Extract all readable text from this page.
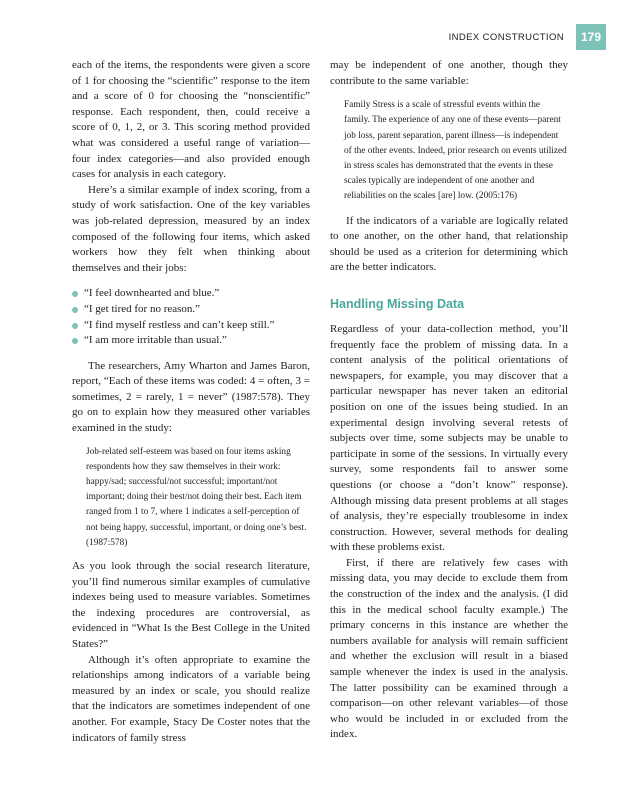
INDEX CONSTRUCTION	179

each of the items, the respondents were given a score of 1 for choosing the “scientific” response to the item and a score of 0 for choosing the “nonscientific” response. Each respondent, then, could receive a score of 0, 1, 2, or 3. This scoring method provided what was considered a useful range of variation—four index categories—and also provided enough cases for analysis in each category.

Here’s a similar example of index scoring, from a study of work satisfaction. One of the key variables was job-related depression, measured by an index composed of the following four items, which asked workers how they felt when thinking about themselves and their jobs:

“I feel downhearted and blue.”
“I get tired for no reason.”
“I find myself restless and can’t keep still.”
“I am more irritable than usual.”

The researchers, Amy Wharton and James Baron, report, “Each of these items was coded: 4 = often, 3 = sometimes, 2 = rarely, 1 = never” (1987:578). They go on to explain how they measured other variables examined in the study:

Job-related self-esteem was based on four items asking respondents how they saw themselves in their work: happy/sad; successful/not successful; important/not important; doing their best/not doing their best. Each item ranged from 1 to 7, where 1 indicates a self-perception of not being happy, successful, important, or doing one’s best. (1987:578)

As you look through the social research literature, you’ll find numerous similar examples of cumulative indexes being used to measure variables. Sometimes the indexing procedures are controversial, as evidenced in “What Is the Best College in the United States?”

Although it’s often appropriate to examine the relationships among indicators of a variable being measured by an index or scale, you should realize that the indicators are sometimes independent of one another. For example, Stacy De Coster notes that the indicators of family stress

may be independent of one another, though they contribute to the same variable:

Family Stress is a scale of stressful events within the family. The experience of any one of these events—parent job loss, parent separation, parent illness—is independent of the other events. Indeed, prior research on events utilized in stress scales has demonstrated that the events in these scales typically are independent of one another and reliabilities on the scales [are] low. (2005:176)

If the indicators of a variable are logically related to one another, on the other hand, that relationship should be used as a criterion for determining which are the better indicators.

Handling Missing Data

Regardless of your data-collection method, you’ll frequently face the problem of missing data. In a content analysis of the political orientations of newspapers, for example, you may discover that a particular newspaper has never taken an editorial position on one of the issues being studied. In an experimental design involving several retests of subjects over time, some subjects may be unable to participate in some of the sessions. In virtually every survey, some respondents fail to answer some questions (or choose a “don’t know” response). Although missing data present problems at all stages of analysis, they’re especially troublesome in index construction. However, several methods for dealing with these problems exist.

First, if there are relatively few cases with missing data, you may decide to exclude them from the construction of the index and the analysis. (I did this in the medical school faculty example.) The primary concerns in this instance are whether the numbers available for analysis will remain sufficient and whether the exclusion will result in a biased sample whenever the index is used in the analysis. The latter possibility can be examined through a comparison—on other relevant variables—of those who would be included in or excluded from the index.
